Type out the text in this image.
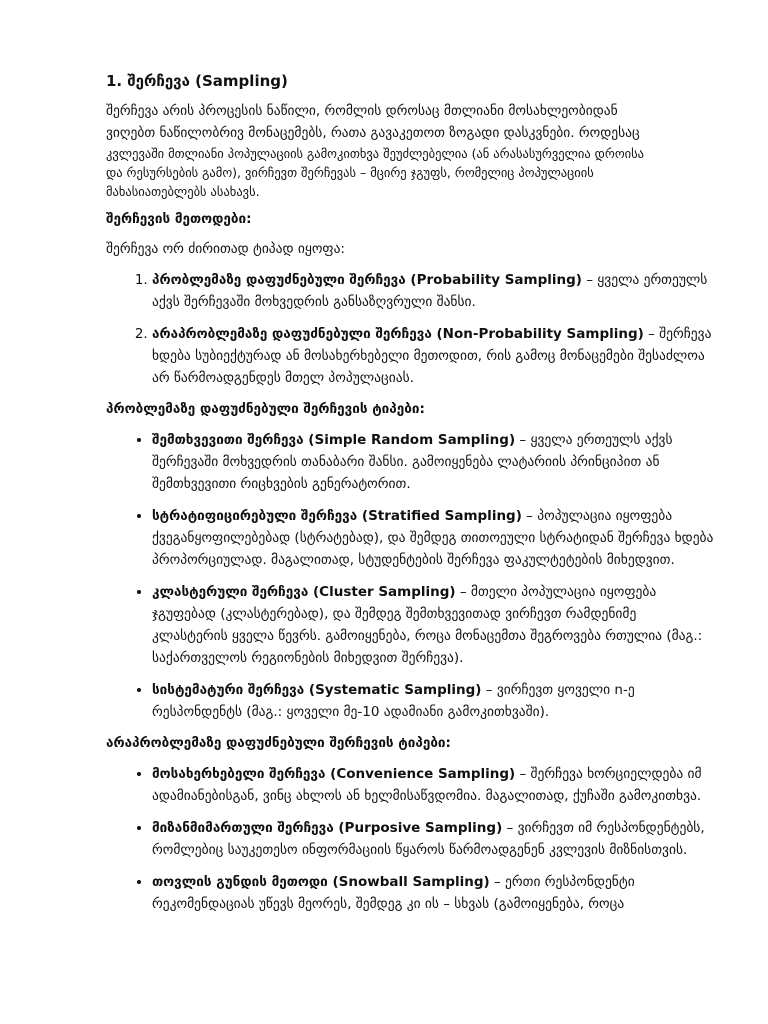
1. შერჩევა (Sampling)
შერჩევა არის პროცესის ნაწილი, რომლის დროსაც მთლიანი მოსახლეობიდან
ვიღებთ ნაწილობრივ მონაცემებს, რათა გავაკეთოთ ზოგადი დასკვნები. როდესაც
კვლევაში მთლიანი პოპულაციის გამოკითხვა შეუძლებელია (ან არასასურველია დროისა
და რესურსების გამო), ვირჩევთ შერჩევას – მცირე ჯგუფს, რომელიც პოპულაციის
მახასიათებლებს ასახავს.
შერჩევის მეთოდები:
შერჩევა ორ ძირითად ტიპად იყოფა:
1. პრობლემაზე დაფუძნებული შერჩევა (Probability Sampling) – ყველა ერთეულს აქვს შერჩევაში მოხვედრის განსაზღვრული შანსი.
2. არაპრობლემაზე დაფუძნებული შერჩევა (Non-Probability Sampling) – შერჩევა ხდება სუბიექტურად ან მოსახერხებელი მეთოდით, რის გამოც მონაცემები შესაძლოა არ წარმოადგენდეს მთელ პოპულაციას.
პრობლემაზე დაფუძნებული შერჩევის ტიპები:
• შემთხვევითი შერჩევა (Simple Random Sampling) – ყველა ერთეულს აქვს შერჩევაში მოხვედრის თანაბარი შანსი. გამოიყენება ლატარიის პრინციპით ან შემთხვევითი რიცხვების გენერატორით.
• სტრატიფიცირებული შერჩევა (Stratified Sampling) – პოპულაცია იყოფება ქვეგანყოფილებებად (სტრატებად), და შემდეგ თითოეული სტრატიდან შერჩევა ხდება პროპორციულად. მაგალითად, სტუდენტების შერჩევა ფაკულტეტების მიხედვით.
• კლასტერული შერჩევა (Cluster Sampling) – მთელი პოპულაცია იყოფება ჯგუფებად (კლასტერებად), და შემდეგ შემთხვევითად ვირჩევთ რამდენიმე კლასტერის ყველა წევრს. გამოიყენება, როცა მონაცემთა შეგროვება რთულია (მაგ.: საქართველოს რეგიონების მიხედვით შერჩევა).
• სისტემატური შერჩევა (Systematic Sampling) – ვირჩევთ ყოველი n-ე რესპონდენტს (მაგ.: ყოველი მე-10 ადამიანი გამოკითხვაში).
არაპრობლემაზე დაფუძნებული შერჩევის ტიპები:
• მოსახერხებელი შერჩევა (Convenience Sampling) – შერჩევა ხორციელდება იმ ადამიანებისგან, ვინც ახლოს ან ხელმისაწვდომია. მაგალითად, ქუჩაში გამოკითხვა.
• მიზანმიმართული შერჩევა (Purposive Sampling) – ვირჩევთ იმ რესპონდენტებს, რომლებიც საუკეთესო ინფორმაციის წყაროს წარმოადგენენ კვლევის მიზნისთვის.
• თოვლის გუნდის მეთოდი (Snowball Sampling) – ერთი რესპონდენტი რეკომენდაციას უწევს მეორეს, შემდეგ კი ის – სხვას (გამოიყენება, როცა
